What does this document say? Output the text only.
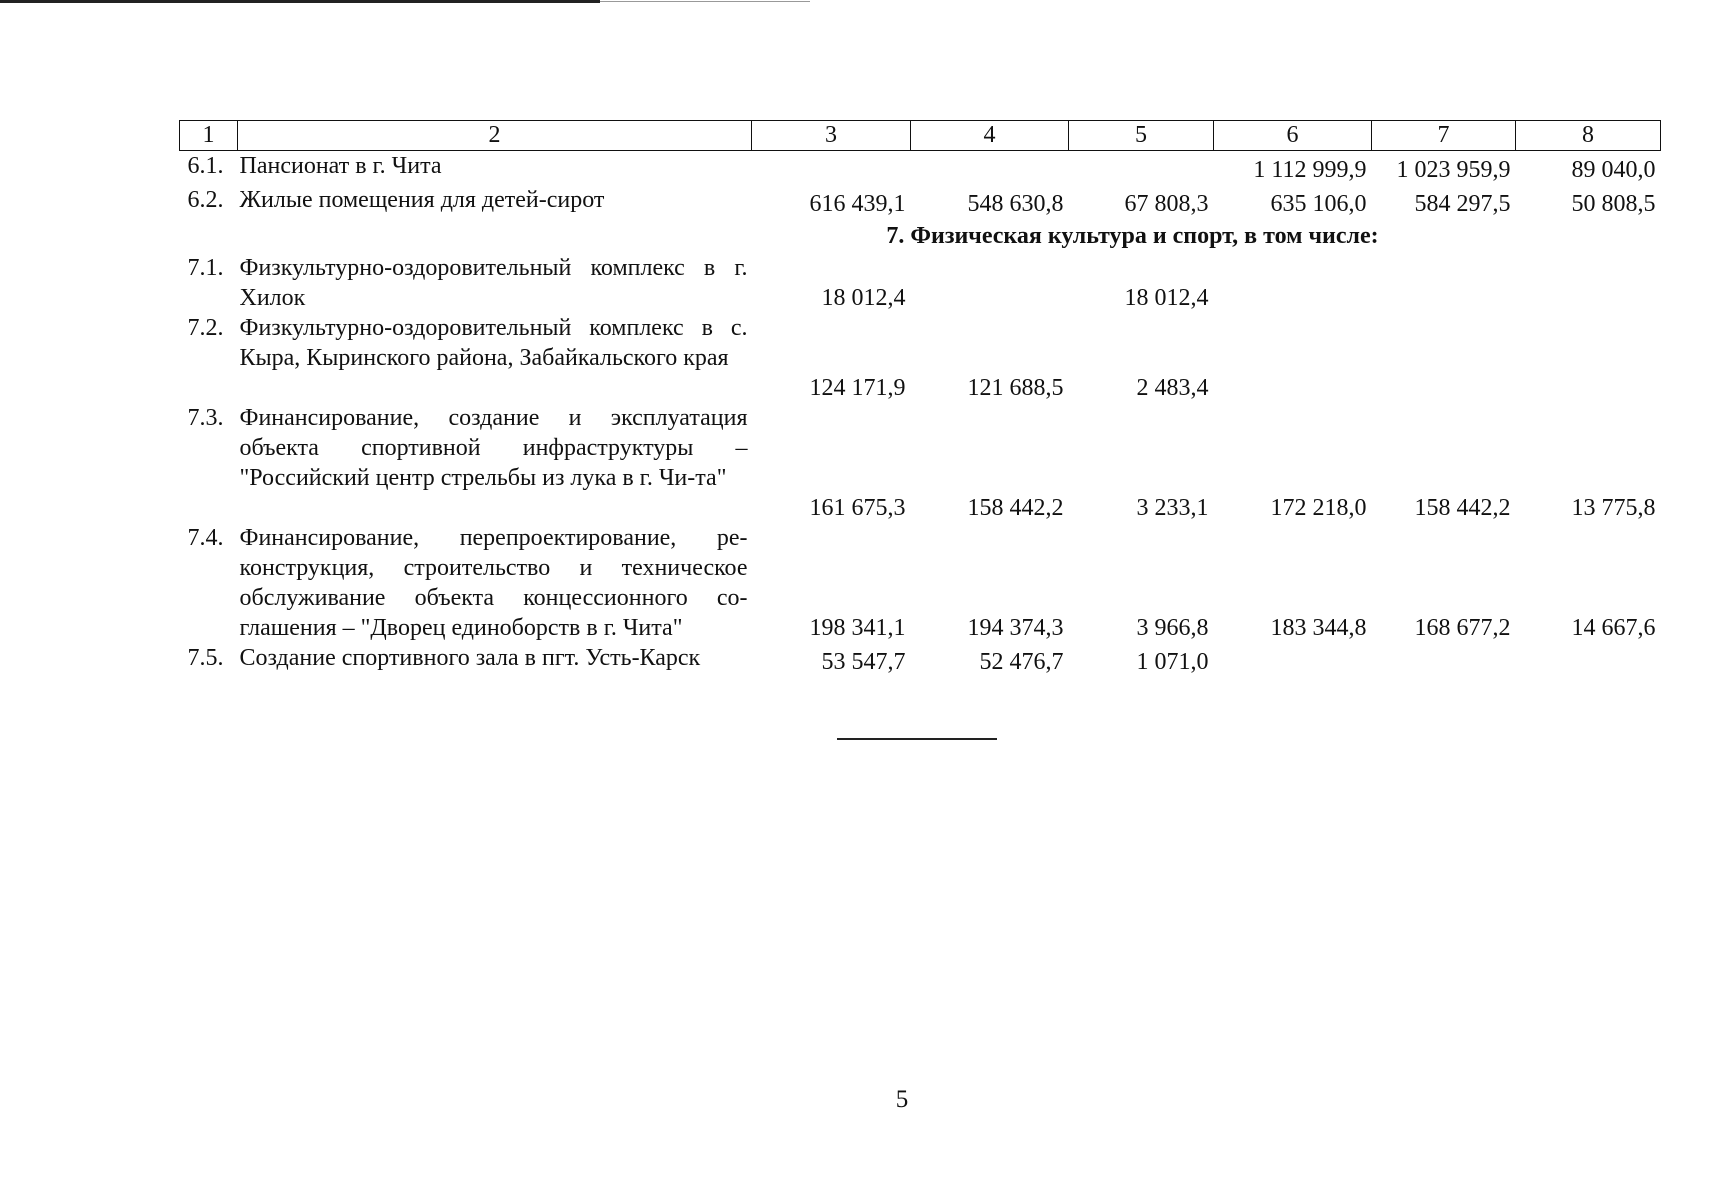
1	2	3	4	5	6	7	8
6.1.	Пансионат в г. Чита				1 112 999,9	1 023 959,9	89 040,0
6.2.	Жилые помещения для детей-сирот	616 439,1	548 630,8	67 808,3	635 106,0	584 297,5	50 808,5
7. Физическая культура и спорт, в том числе:							
7.1.	Физкультурно-оздоровительный комплекс в г. Хилок	18 012,4		18 012,4			
7.2.	Физкультурно-оздоровительный комплекс в с. Кыра, Кыринского района, Забайкальского края	124 171,9	121 688,5	2 483,4			
7.3.	Финансирование, создание и эксплуатация объекта спортивной инфраструктуры – "Российский центр стрельбы из лука в г. Чи-та"	161 675,3	158 442,2	3 233,1	172 218,0	158 442,2	13 775,8
7.4.	Финансирование, перепроектирование, ре-конструкция, строительство и техническое обслуживание объекта концессионного со-глашения – "Дворец единоборств в г. Чита"	198 341,1	194 374,3	3 966,8	183 344,8	168 677,2	14 667,6
7.5.	Создание спортивного зала в пгт. Усть-Карск	53 547,7	52 476,7	1 071,0			
5
